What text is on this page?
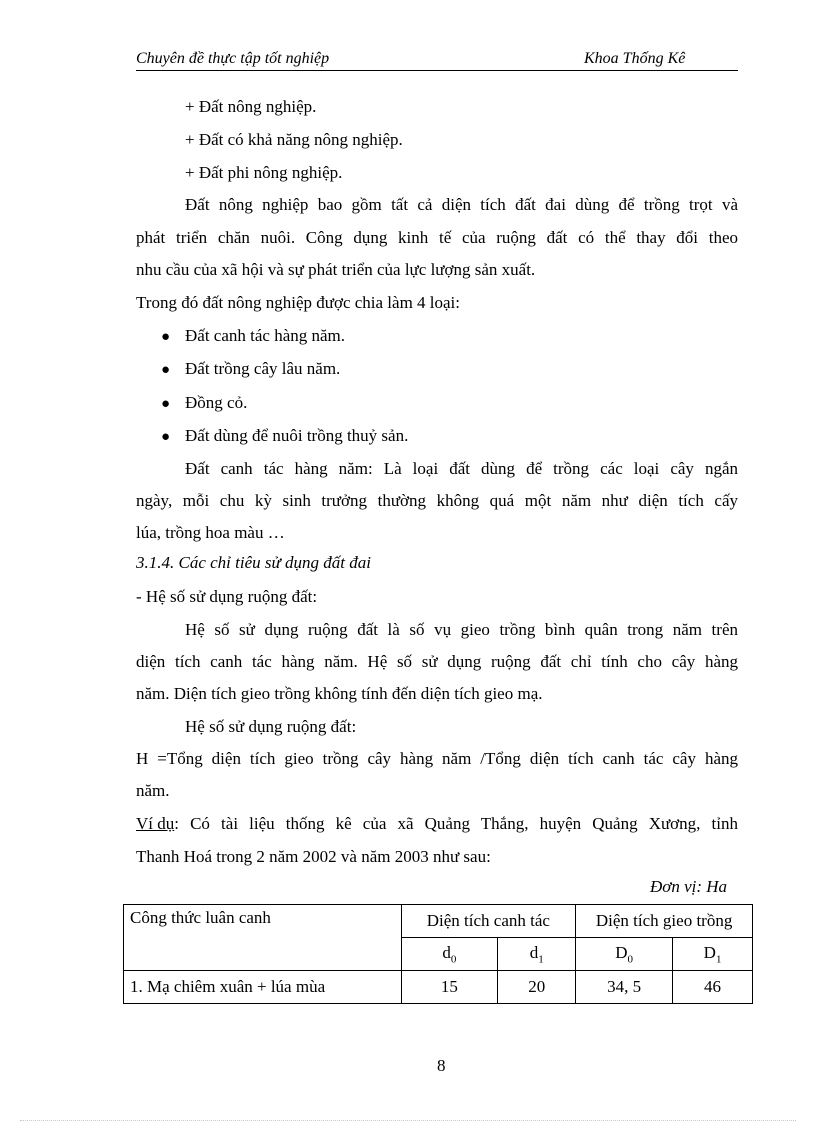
Chuyên đề thực tập tốt nghiệp	Khoa Thống Kê
+ Đất nông nghiệp.
+ Đất có khả năng nông nghiệp.
+ Đất phi nông nghiệp.
Đất nông nghiệp bao gồm tất cả diện tích đất đai dùng để trồng trọt và
phát triển chăn nuôi. Công dụng kinh tế của ruộng đất có thể thay đổi theo
nhu cầu của xã hội và sự phát triển của lực lượng sản xuất.
Trong đó đất nông nghiệp được chia làm 4 loại:
● Đất canh tác hàng năm.
● Đất trồng cây lâu năm.
● Đồng cỏ.
● Đất dùng để nuôi trồng thuỷ sản.
Đất canh tác hàng năm: Là loại đất dùng để trồng các loại cây ngắn
ngày, mỗi chu kỳ sinh trưởng thường không quá một năm như diện tích cấy
lúa, trồng hoa màu …
3.1.4. Các chỉ tiêu sử dụng đất đai
- Hệ số sử dụng ruộng đất:
Hệ số sử dụng ruộng đất là số vụ gieo trồng bình quân trong năm trên
diện tích canh tác hàng năm. Hệ số sử dụng ruộng đất chỉ tính cho cây hàng
năm. Diện tích gieo trồng không tính đến diện tích gieo mạ.
Hệ số sử dụng ruộng đất:
H =Tổng diện tích gieo trồng cây hàng năm /Tổng diện tích canh tác cây hàng
năm.
Ví dụ : Có tài liệu thống kê của xã Quảng Thắng, huyện Quảng Xương, tỉnh
Thanh Hoá trong 2 năm 2002 và năm 2003 như sau:
Đơn vị: Ha
Công thức luân canh	Diện tích canh tác		Diện tích gieo trồng	
	$d_0$	$d_1$	$D_0$	$D_1$
1. Mạ chiêm xuân + lúa mùa	15	20	34, 5	46
8
